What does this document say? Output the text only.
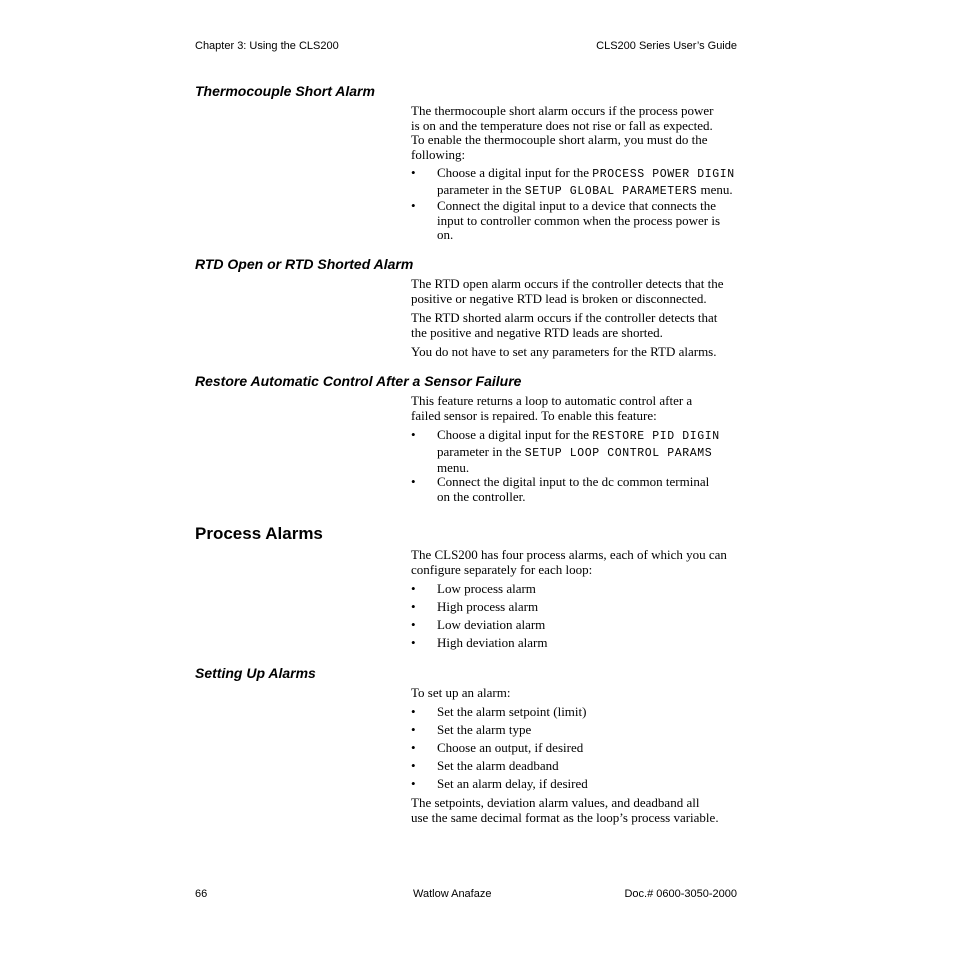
Chapter 3: Using the CLS200	CLS200 Series User’s Guide
Thermocouple Short Alarm
The thermocouple short alarm occurs if the process power
is on and the temperature does not rise or fall as expected.
To enable the thermocouple short alarm, you must do the
following:
• Choose a digital input for the PROCESS POWER DIGIN
parameter in the SETUP GLOBAL PARAMETERS menu.
• Connect the digital input to a device that connects the
input to controller common when the process power is
on.
RTD Open or RTD Shorted Alarm
The RTD open alarm occurs if the controller detects that the
positive or negative RTD lead is broken or disconnected.
The RTD shorted alarm occurs if the controller detects that
the positive and negative RTD leads are shorted.
You do not have to set any parameters for the RTD alarms.
Restore Automatic Control After a Sensor Failure
This feature returns a loop to automatic control after a
failed sensor is repaired. To enable this feature:
• Choose a digital input for the RESTORE PID DIGIN
parameter in the SETUP LOOP CONTROL PARAMS
menu.
• Connect the digital input to the dc common terminal
on the controller.
Process Alarms
The CLS200 has four process alarms, each of which you can
configure separately for each loop:
• Low process alarm
• High process alarm
• Low deviation alarm
• High deviation alarm
Setting Up Alarms
To set up an alarm:
• Set the alarm setpoint (limit)
• Set the alarm type
• Choose an output, if desired
• Set the alarm deadband
• Set an alarm delay, if desired
The setpoints, deviation alarm values, and deadband all
use the same decimal format as the loop’s process variable.
66	Watlow Anafaze	Doc.# 0600-3050-2000
